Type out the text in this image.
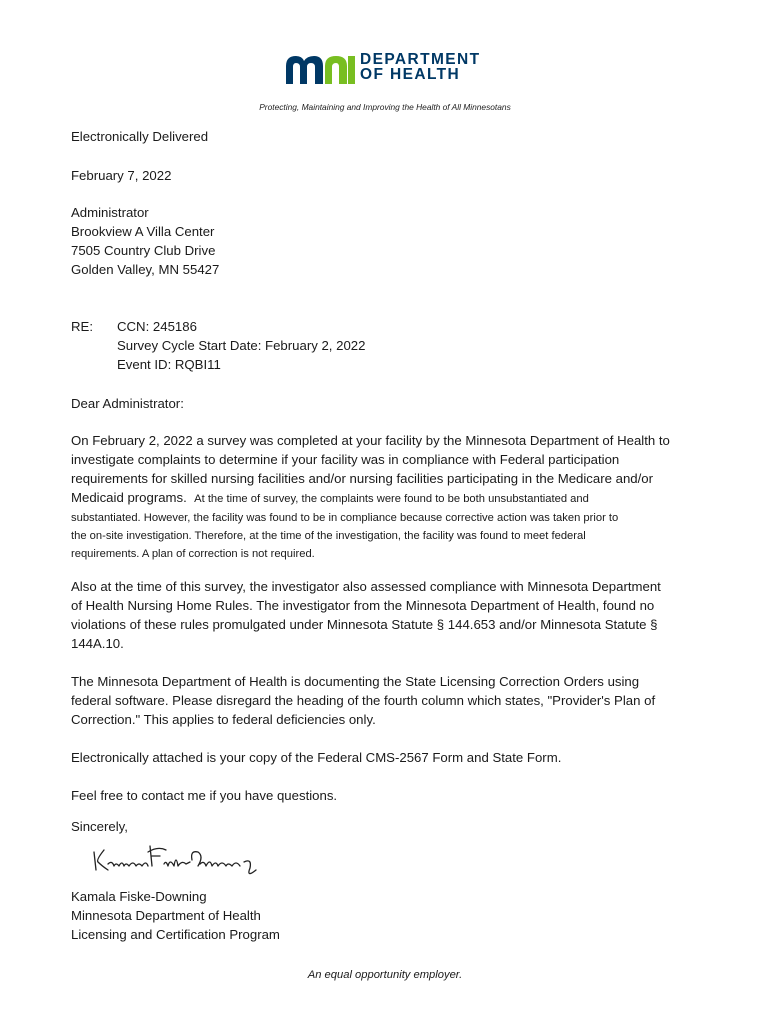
DEPARTMENT
OF HEALTH
Protecting, Maintaining and Improving the Health of All Minnesotans
Electronically Delivered
February 7, 2022
Administrator
Brookview A Villa Center
7505 Country Club Drive
Golden Valley, MN 55427
RE: CCN: 245186
Survey Cycle Start Date: February 2, 2022
Event ID: RQBI11
Dear Administrator:
On February 2, 2022 a survey was completed at your facility by the Minnesota Department of Health to
investigate complaints to determine if your facility was in compliance with Federal participation
requirements for skilled nursing facilities and/or nursing facilities participating in the Medicare and/or
Medicaid programs. At the time of survey, the complaints were found to be both unsubstantiated and
substantiated. However, the facility was found to be in compliance because corrective action was taken prior to
the on-site investigation. Therefore, at the time of the investigation, the facility was found to meet federal
requirements. A plan of correction is not required.
Also at the time of this survey, the investigator also assessed compliance with Minnesota Department
of Health Nursing Home Rules. The investigator from the Minnesota Department of Health, found no
violations of these rules promulgated under Minnesota Statute § 144.653 and/or Minnesota Statute §
144A.10.
The Minnesota Department of Health is documenting the State Licensing Correction Orders using
federal software. Please disregard the heading of the fourth column which states, "Provider's Plan of
Correction." This applies to federal deficiencies only.
Electronically attached is your copy of the Federal CMS-2567 Form and State Form.
Feel free to contact me if you have questions.
Sincerely,
Kamala Fiske-Downing
Minnesota Department of Health
Licensing and Certification Program
An equal opportunity employer.
